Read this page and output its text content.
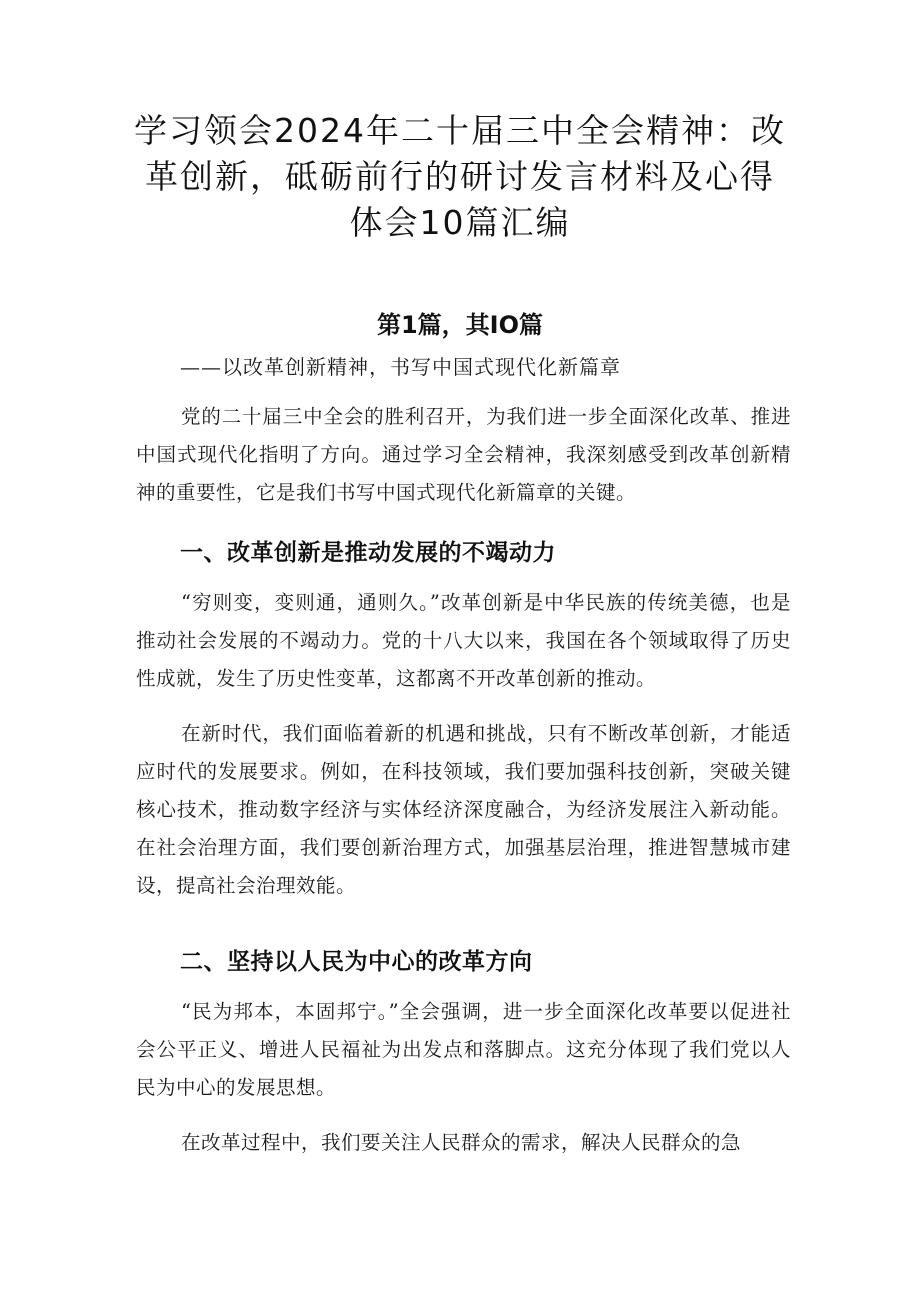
学习领会2024年二十届三中全会精神：改革创新，砥砺前行的研讨发言材料及心得体会10篇汇编
第1篇，其IO篇
——以改革创新精神，书写中国式现代化新篇章

党的二十届三中全会的胜利召开，为我们进一步全面深化改革、推进中国式现代化指明了方向。通过学习全会精神，我深刻感受到改革创新精神的重要性，它是我们书写中国式现代化新篇章的关键。

一、改革创新是推动发展的不竭动力

“穷则变，变则通，通则久。”改革创新是中华民族的传统美德，也是推动社会发展的不竭动力。党的十八大以来，我国在各个领域取得了历史性成就，发生了历史性变革，这都离不开改革创新的推动。

在新时代，我们面临着新的机遇和挑战，只有不断改革创新，才能适应时代的发展要求。例如，在科技领域，我们要加强科技创新，突破关键核心技术，推动数字经济与实体经济深度融合，为经济发展注入新动能。在社会治理方面，我们要创新治理方式，加强基层治理，推进智慧城市建设，提高社会治理效能。

二、坚持以人民为中心的改革方向

“民为邦本，本固邦宁。”全会强调，进一步全面深化改革要以促进社会公平正义、增进人民福祉为出发点和落脚点。这充分体现了我们党以人民为中心的发展思想。

在改革过程中，我们要关注人民群众的需求，解决人民群众的急
